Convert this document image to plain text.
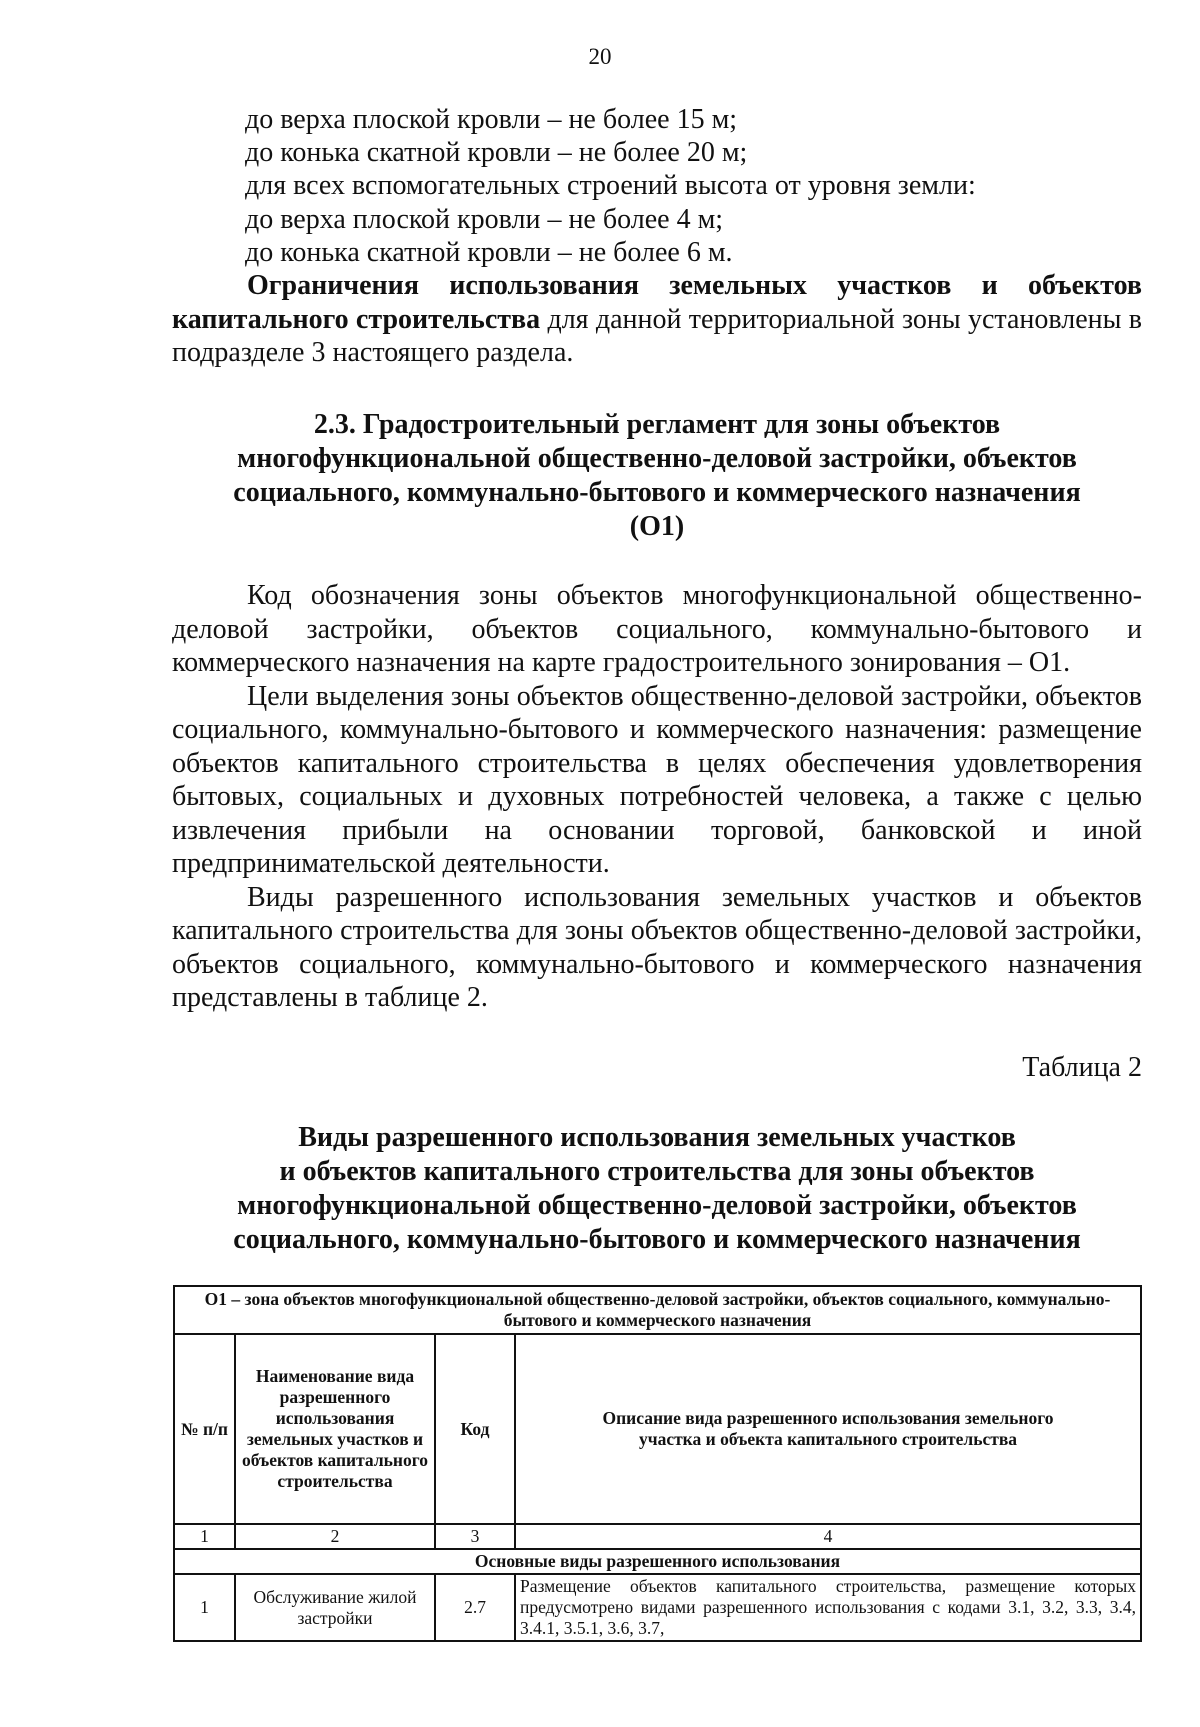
20
до верха плоской кровли – не более 15 м;
до конька скатной кровли – не более 20 м;
для всех вспомогательных строений высота от уровня земли:
до верха плоской кровли – не более 4 м;
до конька скатной кровли – не более 6 м.

Ограничения использования земельных участков и объектов капитального строительства для данной территориальной зоны установлены в подразделе 3 настоящего раздела.

2.3. Градостроительный регламент для зоны объектов
многофункциональной общественно-деловой застройки, объектов
социального, коммунально-бытового и коммерческого назначения
(О1)

Код обозначения зоны объектов многофункциональной общественно-деловой застройки, объектов социального, коммунально-бытового и коммерческого назначения на карте градостроительного зонирования – О1.

Цели выделения зоны объектов общественно-деловой застройки, объектов социального, коммунально-бытового и коммерческого назначения: размещение объектов капитального строительства в целях обеспечения удовлетворения бытовых, социальных и духовных потребностей человека, а также с целью извлечения прибыли на основании торговой, банковской и иной предпринимательской деятельности.

Виды разрешенного использования земельных участков и объектов капитального строительства для зоны объектов общественно-деловой застройки, объектов социального, коммунально-бытового и коммерческого назначения представлены в таблице 2.

Таблица 2
Виды разрешенного использования земельных участков
и объектов капитального строительства для зоны объектов
многофункциональной общественно-деловой застройки, объектов
социального, коммунально-бытового и коммерческого назначения
О1 – зона объектов многофункциональной общественно-деловой застройки, объектов социального, коммунально-бытового и коммерческого назначения			
№ п/п	Наименование вида разрешенного использования земельных участков и объектов капитального строительства	Код	Описание вида разрешенного использования земельного участка и объекта капитального строительства
1	2	3	4
Основные виды разрешенного использования			
1	Обслуживание жилой застройки	2.7	Размещение объектов капитального строительства, размещение которых предусмотрено видами разрешенного использования с кодами 3.1, 3.2, 3.3, 3.4, 3.4.1, 3.5.1, 3.6, 3.7,
